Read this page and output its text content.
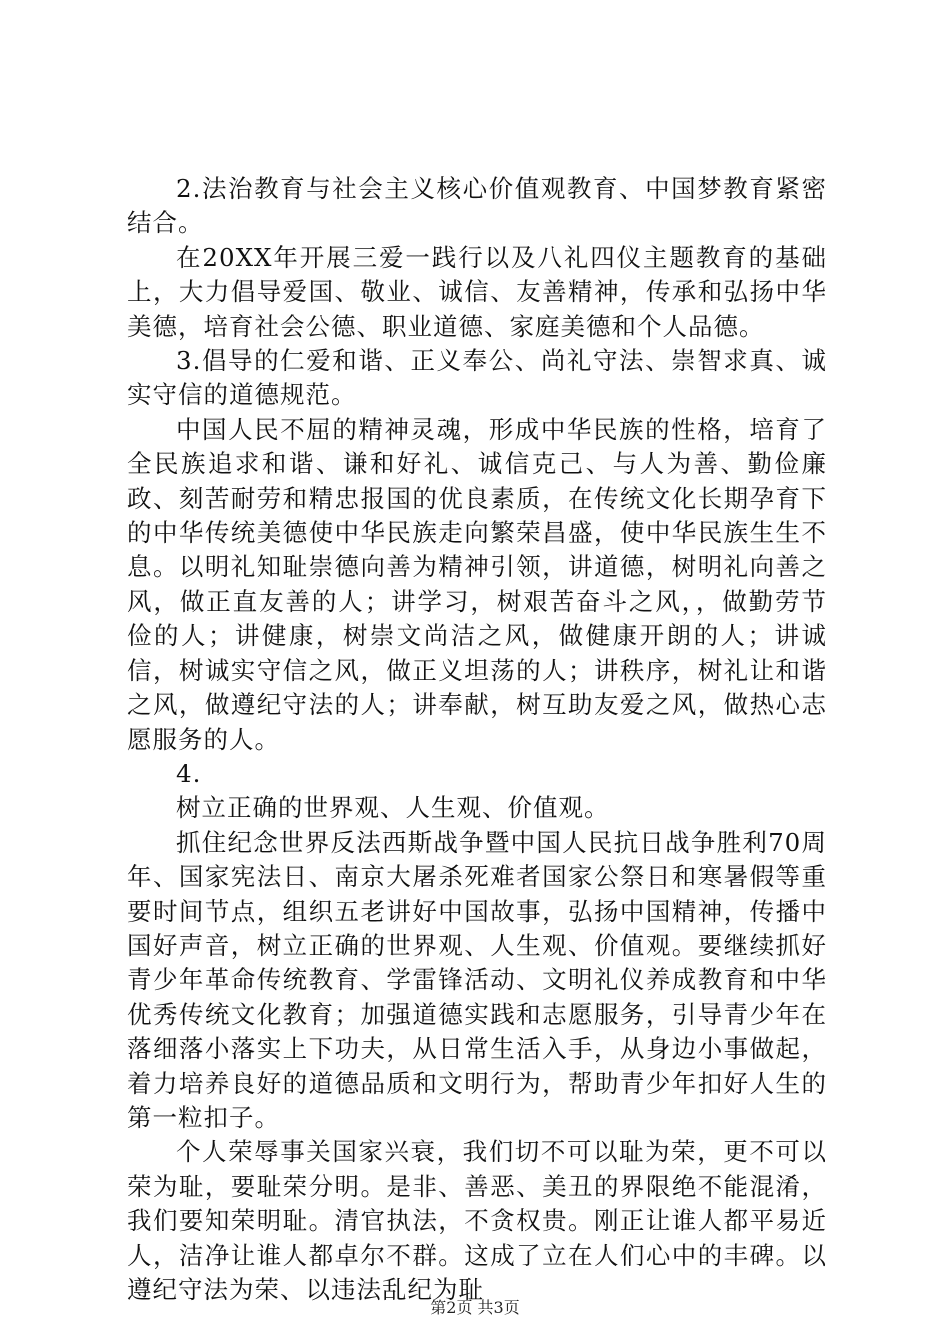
2.法治教育与社会主义核心价值观教育、中国梦教育紧密结合。

在20XX年开展三爱一践行以及八礼四仪主题教育的基础上，大力倡导爱国、敬业、诚信、友善精神，传承和弘扬中华美德，培育社会公德、职业道德、家庭美德和个人品德。

3.倡导的仁爱和谐、正义奉公、尚礼守法、崇智求真、诚实守信的道德规范。

中国人民不屈的精神灵魂，形成中华民族的性格，培育了全民族追求和谐、谦和好礼、诚信克己、与人为善、勤俭廉政、刻苦耐劳和精忠报国的优良素质，在传统文化长期孕育下的中华传统美德使中华民族走向繁荣昌盛，使中华民族生生不息。以明礼知耻崇德向善为精神引领，讲道德，树明礼向善之风，做正直友善的人；讲学习，树艰苦奋斗之风，，做勤劳节俭的人；讲健康，树崇文尚洁之风，做健康开朗的人；讲诚信，树诚实守信之风，做正义坦荡的人；讲秩序，树礼让和谐之风，做遵纪守法的人；讲奉献，树互助友爱之风，做热心志愿服务的人。

4.

树立正确的世界观、人生观、价值观。

抓住纪念世界反法西斯战争暨中国人民抗日战争胜利70周年、国家宪法日、南京大屠杀死难者国家公祭日和寒暑假等重要时间节点，组织五老讲好中国故事，弘扬中国精神，传播中国好声音，树立正确的世界观、人生观、价值观。要继续抓好青少年革命传统教育、学雷锋活动、文明礼仪养成教育和中华优秀传统文化教育；加强道德实践和志愿服务，引导青少年在落细落小落实上下功夫，从日常生活入手，从身边小事做起，着力培养良好的道德品质和文明行为，帮助青少年扣好人生的第一粒扣子。

个人荣辱事关国家兴衰，我们切不可以耻为荣，更不可以荣为耻，要耻荣分明。是非、善恶、美丑的界限绝不能混淆，我们要知荣明耻。清官执法，不贪权贵。刚正让谁人都平易近人，洁净让谁人都卓尔不群。这成了立在人们心中的丰碑。以遵纪守法为荣、以违法乱纪为耻

第2页 共3页
